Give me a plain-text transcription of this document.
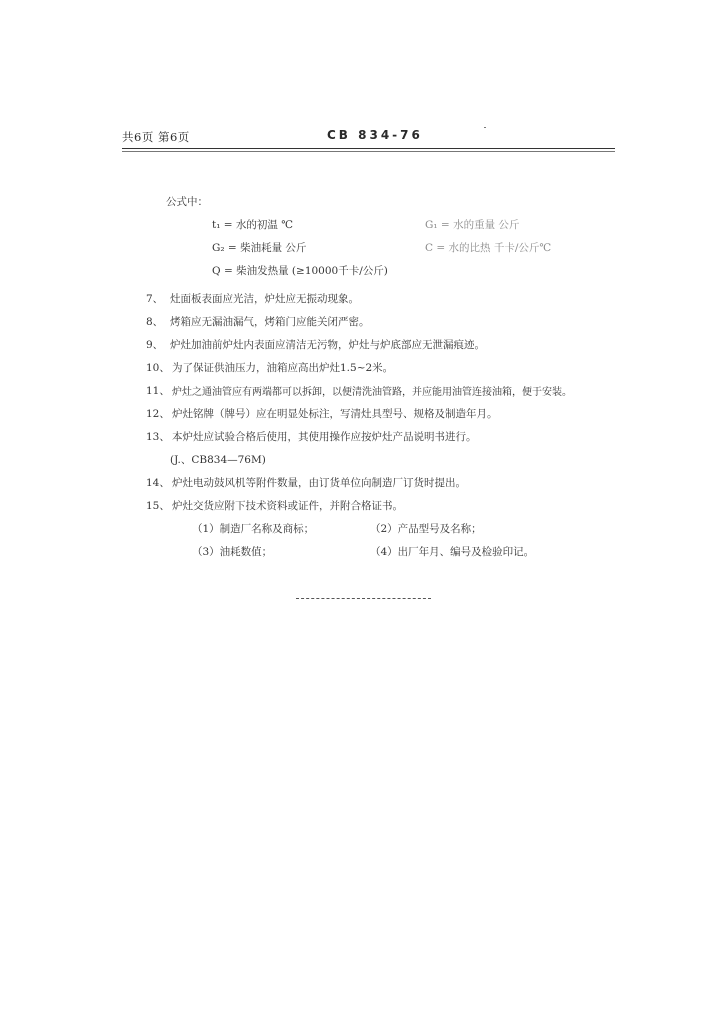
共6页 第6页	CB 834-76
公式中：
t₁ = 水的初温 ℃	G₁ = 水的重量 公斤
G₂ = 柴油耗量 公斤	C = 水的比热 千卡/公斤℃
Q = 柴油发热量 (≥10000千卡/公斤)
7、 灶面板表面应光洁，炉灶应无振动现象。
8、 烤箱应无漏油漏气，烤箱门应能关闭严密。
9、 炉灶加油前炉灶内表面应清洁无污物，炉灶与炉底部应无泄漏痕迹。
10、 为了保证供油压力，油箱应高出炉灶1.5~2米。
11、 炉灶之通油管应有两端都可以拆卸，以便清洗油管路，并应能用油管连接油箱，便于安装。
12、 炉灶铭牌（牌号）应在明显处标注，写清灶具型号、规格及制造年月。
13、 本炉灶应试验合格后使用，其使用操作应按炉灶产品说明书进行。
(J.、CB834—76M)
14、 炉灶电动鼓风机等附件数量，由订货单位向制造厂订货时提出。
15、 炉灶交货应附下技术资料或证件，并附合格证书。
（1）制造厂名称及商标；	（2）产品型号及名称；
（3）油耗数值；	（4）出厂年月、编号及检验印记。
